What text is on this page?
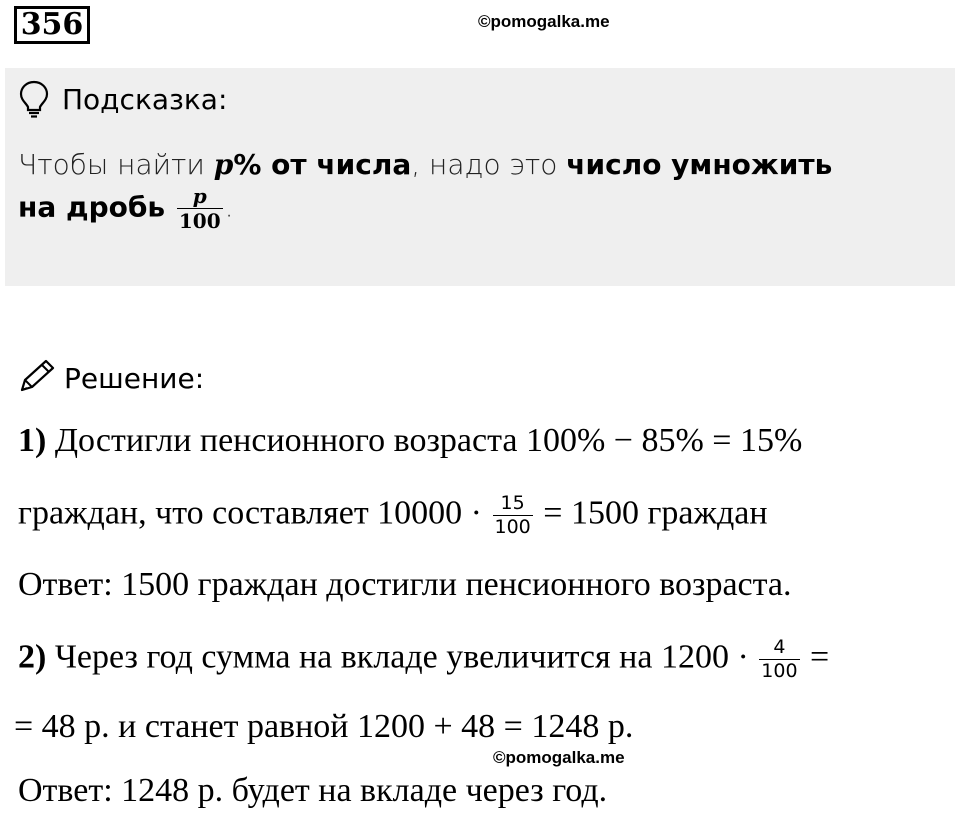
356	©pomogalka.me
Подсказка:
Чтобы найти p% от числа, надо это число умножить
на дробь $\frac{p}{100}$ .
Решение:
1) Достигли пенсионного возраста 100% − 85% = 15%
граждан, что составляет $10000 \cdot \frac{15}{100} = 1500$ граждан
Ответ: 1500 граждан достигли пенсионного возраста.
2) Через год сумма на вкладе увеличится на $1200 \cdot \frac{4}{100}$ =
= 48 р. и станет равной 1200 + 48 = 1248 р.
©pomogalka.me
Ответ: 1248 р. будет на вкладе через год.
